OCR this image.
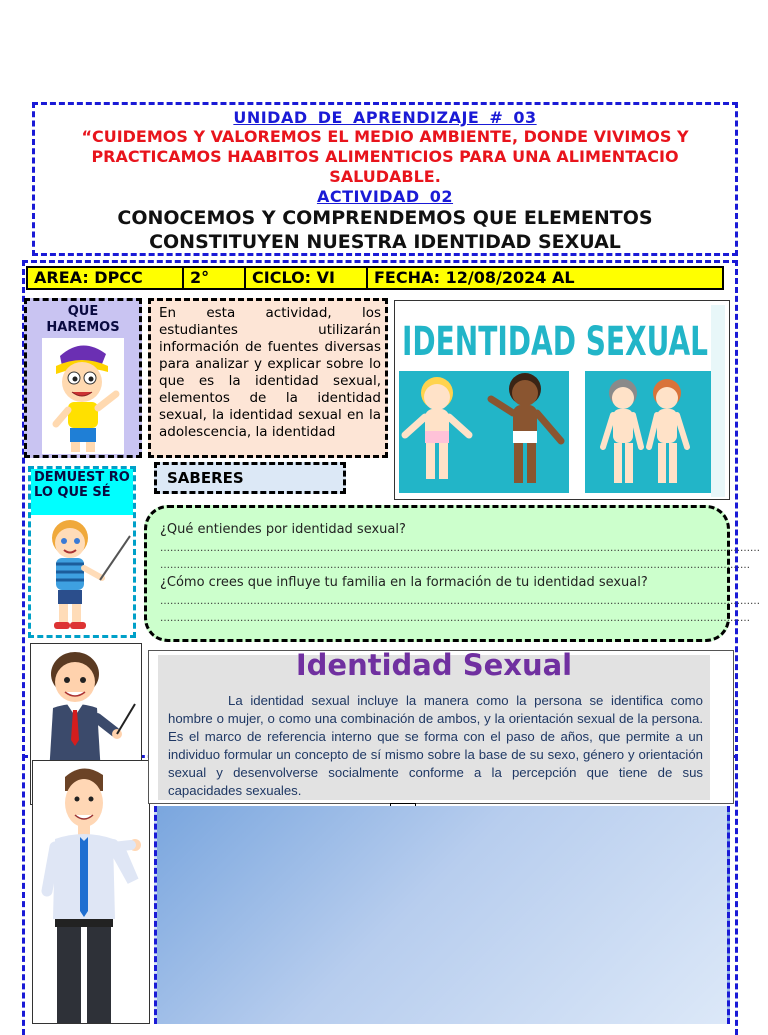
UNIDAD DE APRENDIZAJE # 03
“CUIDEMOS Y VALOREMOS EL MEDIO AMBIENTE, DONDE VIVIMOS Y PRACTICAMOS HAABITOS ALIMENTICIOS PARA UNA ALIMENTACIO SALUDABLE.
ACTIVIDAD 02
CONOCEMOS Y COMPRENDEMOS QUE ELEMENTOS CONSTITUYEN NUESTRA IDENTIDAD SEXUAL
AREA: DPCC	2°	CICLO: VI	FECHA: 12/08/2024 AL
QUE HAREMOS
En esta actividad, los estudiantes utilizarán información de fuentes diversas para analizar y explicar sobre lo que es la identidad sexual, elementos de la identidad sexual, la identidad sexual en la adolescencia, la identidad
IDENTIDAD SEXUAL
DEMUEST RO LO QUE SÉ
SABERES
¿Qué entiendes por identidad sexual?
………………………………………………………………………………………………………………………………………………………………
……………………………………………………………………………………………………………………………………………………………
¿Cómo crees que influye tu familia en la formación de tu identidad sexual?
………………………………………………………………………………………………………………………………………………………………
……………………………………………………………………………………………………………………………………………………………
Identidad Sexual
La identidad sexual incluye la manera como la persona se identifica como hombre o mujer, o como una combinación de ambos, y la orientación sexual de la persona. Es el marco de referencia interno que se forma con el paso de años, que permite a un individuo formular un concepto de sí mismo sobre la base de su sexo, género y orientación sexual y desenvolverse socialmente conforme a la percepción que tiene de sus capacidades sexuales.
